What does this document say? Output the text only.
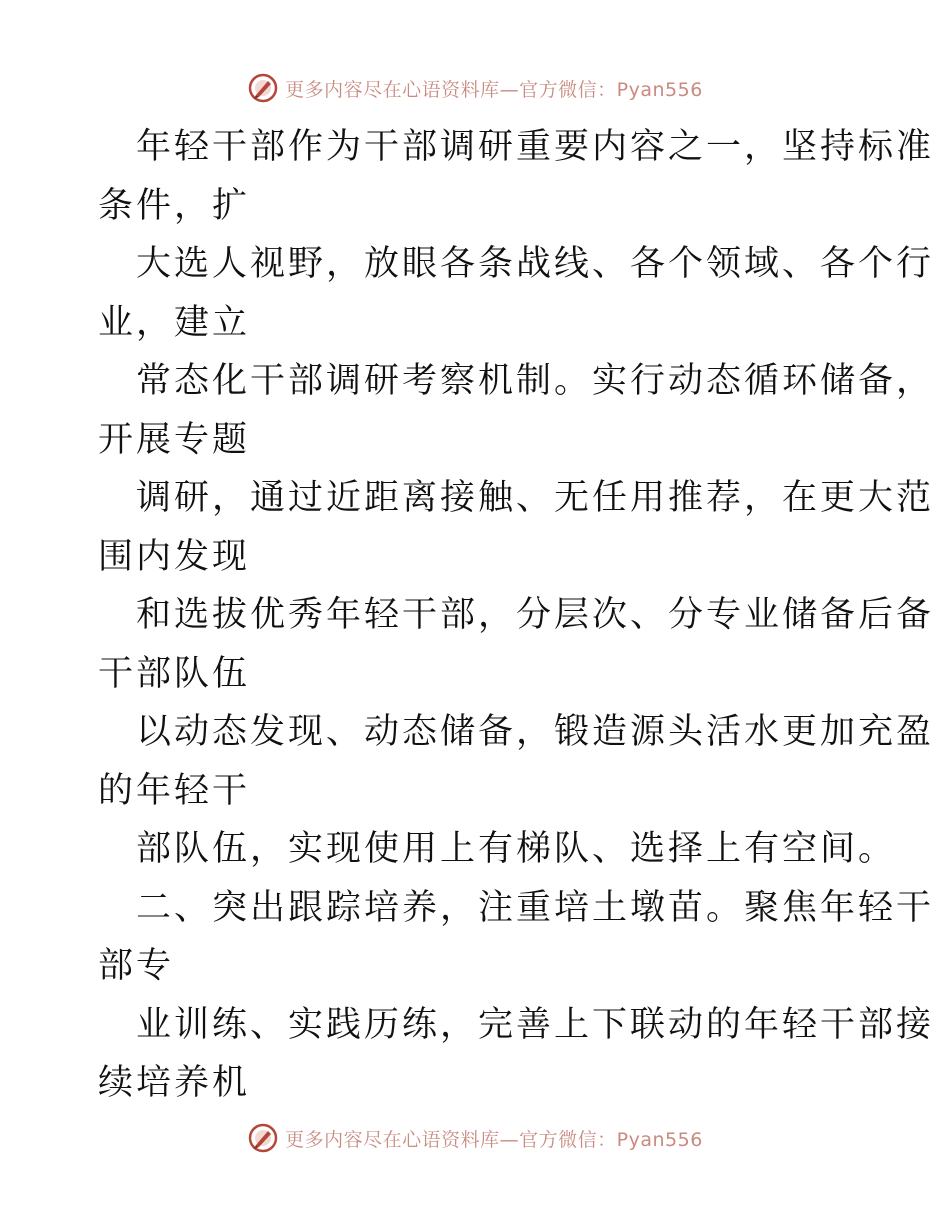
更多内容尽在心语资料库—官方微信：Pyan556
年轻干部作为干部调研重要内容之一，坚持标准
条件，扩
大选人视野，放眼各条战线、各个领域、各个行
业，建立
常态化干部调研考察机制。实行动态循环储备，
开展专题
调研，通过近距离接触、无任用推荐，在更大范
围内发现
和选拔优秀年轻干部，分层次、分专业储备后备
干部队伍
以动态发现、动态储备，锻造源头活水更加充盈
的年轻干
部队伍，实现使用上有梯队、选择上有空间。
二、突出跟踪培养，注重培土墩苗。聚焦年轻干
部专
业训练、实践历练，完善上下联动的年轻干部接
续培养机
更多内容尽在心语资料库—官方微信：Pyan556
